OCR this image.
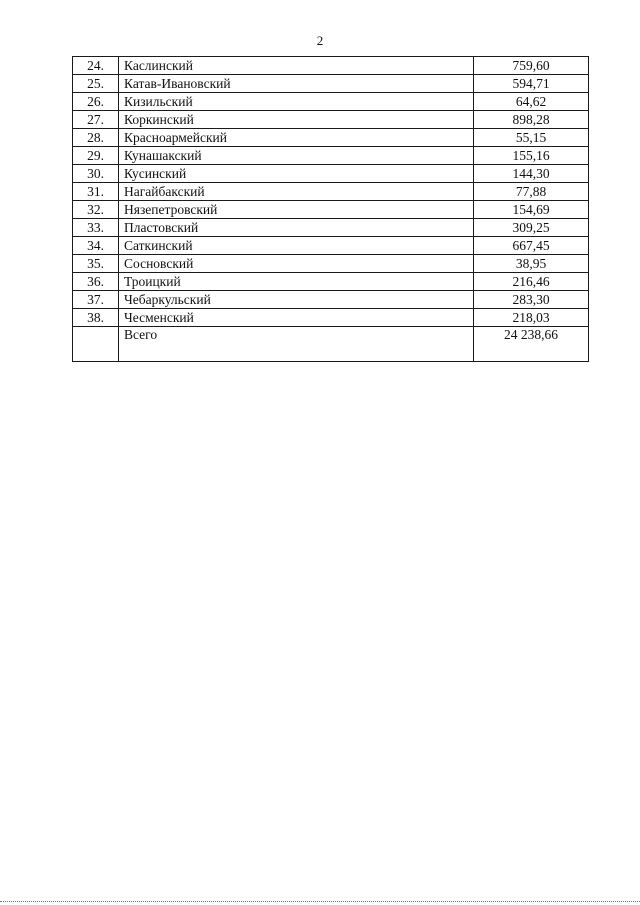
2
24.	Каслинский	759,60
25.	Катав-Ивановский	594,71
26.	Кизильский	64,62
27.	Коркинский	898,28
28.	Красноармейский	55,15
29.	Кунашакский	155,16
30.	Кусинский	144,30
31.	Нагайбакский	77,88
32.	Нязепетровский	154,69
33.	Пластовский	309,25
34.	Саткинский	667,45
35.	Сосновский	38,95
36.	Троицкий	216,46
37.	Чебаркульский	283,30
38.	Чесменский	218,03
	Всего	24 238,66
